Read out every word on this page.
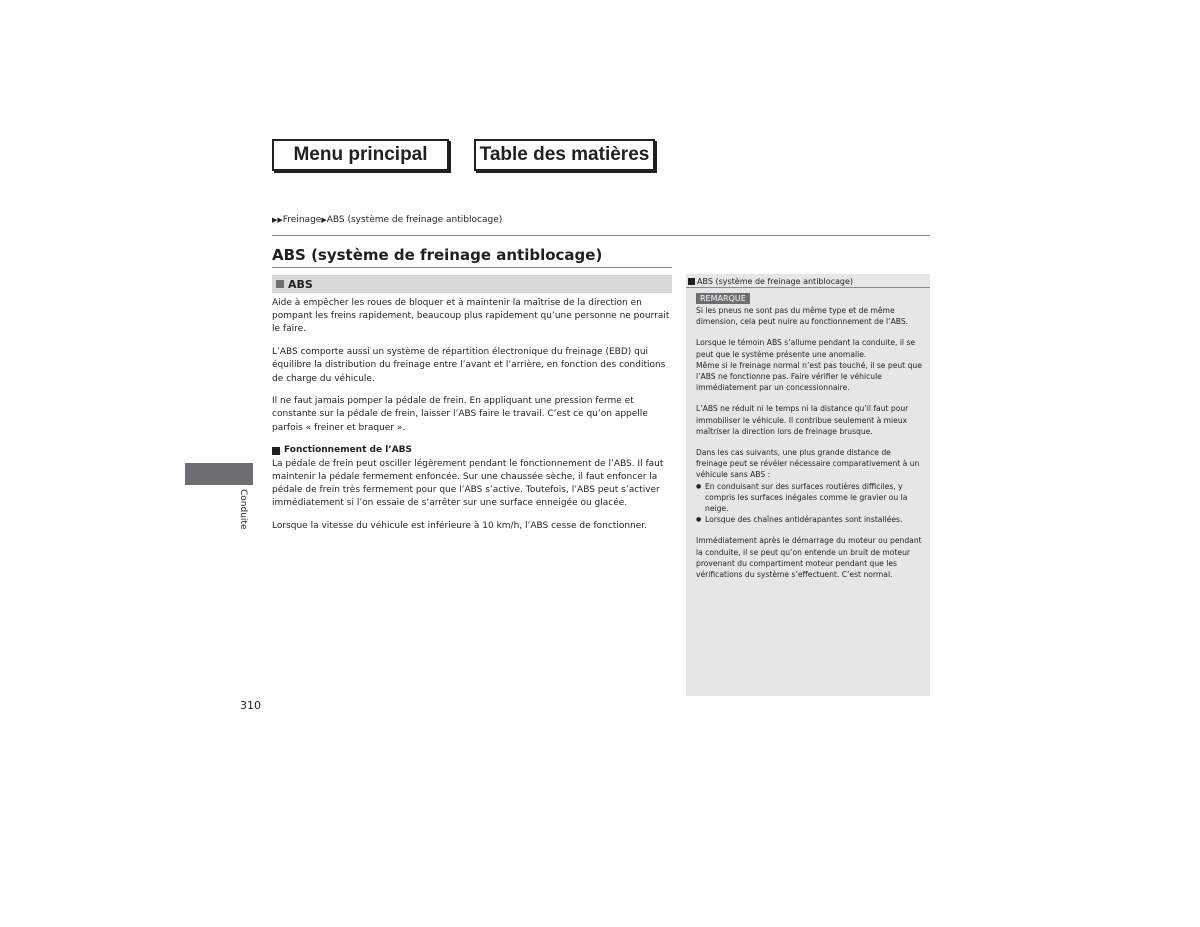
Menu principal	Table des matières
▶▶ Freinage ▶ ABS (système de freinage antiblocage)
ABS (système de freinage antiblocage)
ABS

Aide à empêcher les roues de bloquer et à maintenir la maîtrise de la direction en pompant les freins rapidement, beaucoup plus rapidement qu’une personne ne pourrait le faire.

L’ABS comporte aussi un système de répartition électronique du freinage (EBD) qui équilibre la distribution du freinage entre l’avant et l’arrière, en fonction des conditions de charge du véhicule.

Il ne faut jamais pomper la pédale de frein. En appliquant une pression ferme et constante sur la pédale de frein, laisser l’ABS faire le travail. C’est ce qu’on appelle parfois « freiner et braquer ».

Fonctionnement de l’ABS

La pédale de frein peut osciller légèrement pendant le fonctionnement de l’ABS. Il faut maintenir la pédale fermement enfoncée. Sur une chaussée sèche, il faut enfoncer la pédale de frein très fermement pour que l’ABS s’active. Toutefois, l’ABS peut s’activer immédiatement si l’on essaie de s’arrêter sur une surface enneigée ou glacée.

Lorsque la vitesse du véhicule est inférieure à 10 km/h, l’ABS cesse de fonctionner.

Conduite
310
ABS (système de freinage antiblocage)
REMARQUE

Si les pneus ne sont pas du même type et de même dimension, cela peut nuire au fonctionnement de l’ABS.

Lorsque le témoin ABS s’allume pendant la conduite, il se peut que le système présente une anomalie.
Même si le freinage normal n’est pas touché, il se peut que l’ABS ne fonctionne pas. Faire vérifier le véhicule immédiatement par un concessionnaire.

L’ABS ne réduit ni le temps ni la distance qu’il faut pour immobiliser le véhicule. Il contribue seulement à mieux maîtriser la direction lors de freinage brusque.

Dans les cas suivants, une plus grande distance de freinage peut se révéler nécessaire comparativement à un véhicule sans ABS :

● En conduisant sur des surfaces routières difficiles, y compris les surfaces inégales comme le gravier ou la neige.
● Lorsque des chaînes antidérapantes sont installées.

Immédiatement après le démarrage du moteur ou pendant la conduite, il se peut qu’on entende un bruit de moteur provenant du compartiment moteur pendant que les vérifications du système s’effectuent. C’est normal.
